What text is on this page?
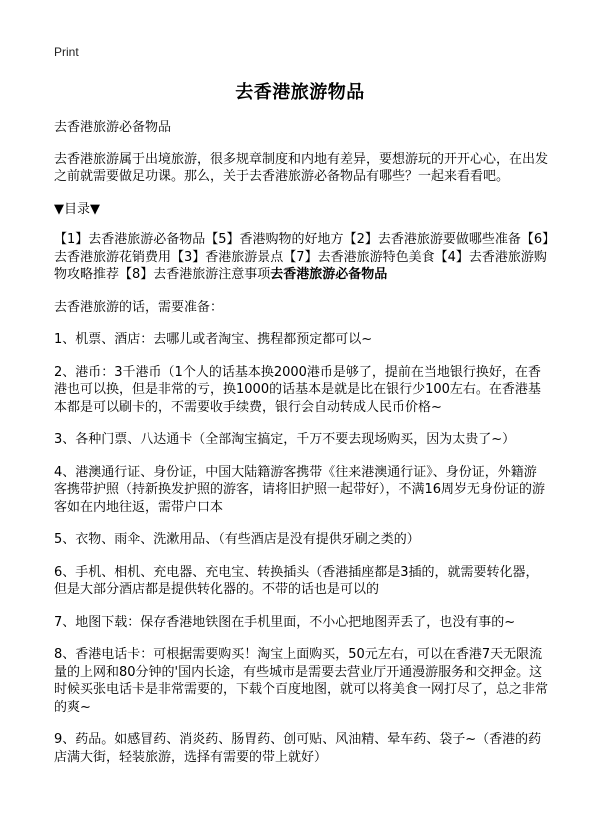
Print
去香港旅游物品

去香港旅游必备物品

去香港旅游属于出境旅游，很多规章制度和内地有差异，要想游玩的开开心心，在出发之前就需要做足功课。那么，关于去香港旅游必备物品有哪些？一起来看看吧。

▼目录▼

【1】去香港旅游必备物品【5】香港购物的好地方【2】去香港旅游要做哪些准备【6】去香港旅游花销费用【3】香港旅游景点【7】去香港旅游特色美食【4】去香港旅游购物攻略推荐【8】去香港旅游注意事项去香港旅游必备物品

去香港旅游的话，需要准备：

1、机票、酒店：去哪儿或者淘宝、携程都预定都可以~

2、港币：3千港币（1个人的话基本换2000港币是够了，提前在当地银行换好，在香港也可以换，但是非常的亏，换1000的话基本是就是比在银行少100左右。在香港基本都是可以刷卡的，不需要收手续费，银行会自动转成人民币价格~

3、各种门票、八达通卡（全部淘宝搞定，千万不要去现场购买，因为太贵了~）

4、港澳通行证、身份证，中国大陆籍游客携带《往来港澳通行证》、身份证，外籍游客携带护照（持新换发护照的游客，请将旧护照一起带好），不满16周岁无身份证的游客如在内地往返，需带户口本

5、衣物、雨伞、洗漱用品、（有些酒店是没有提供牙刷之类的）

6、手机、相机、充电器、充电宝、转换插头（香港插座都是3插的，就需要转化器，但是大部分酒店都是提供转化器的。不带的话也是可以的

7、地图下载：保存香港地铁图在手机里面，不小心把地图弄丢了，也没有事的~

8、香港电话卡：可根据需要购买！淘宝上面购买，50元左右，可以在香港7天无限流量的上网和80分钟的'国内长途，有些城市是需要去营业厅开通漫游服务和交押金。这时候买张电话卡是非常需要的，下载个百度地图，就可以将美食一网打尽了，总之非常的爽~

9、药品。如感冒药、消炎药、肠胃药、创可贴、风油精、晕车药、袋子~（香港的药店满大街，轻装旅游，选择有需要的带上就好）
